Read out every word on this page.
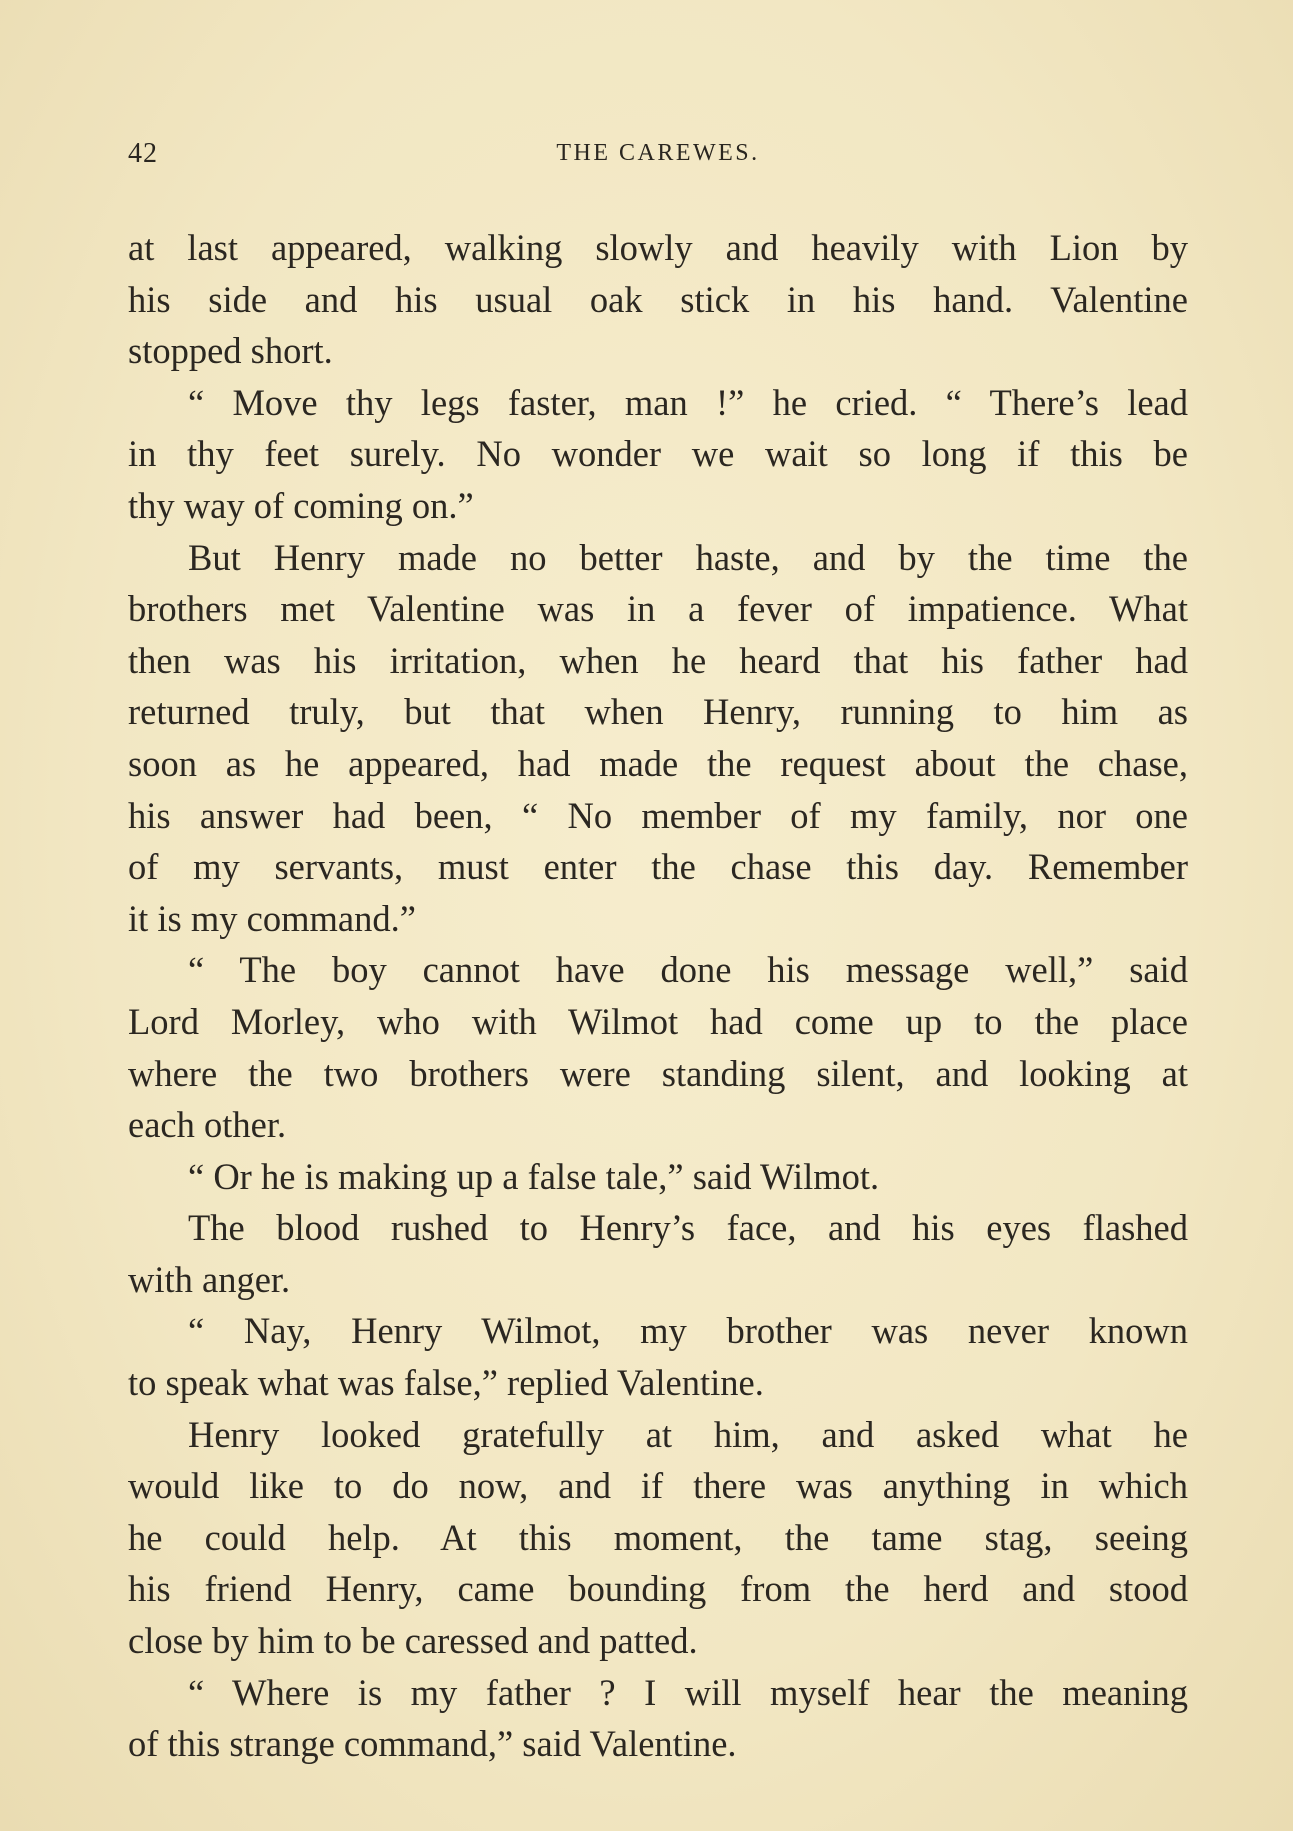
42	THE CAREWES.
at last appeared, walking slowly and heavily with Lion by
his side and his usual oak stick in his hand. Valentine
stopped short.
“ Move thy legs faster, man !” he cried. “ There’s lead
in thy feet surely. No wonder we wait so long if this be
thy way of coming on.”
But Henry made no better haste, and by the time the
brothers met Valentine was in a fever of impatience. What
then was his irritation, when he heard that his father had
returned truly, but that when Henry, running to him as
soon as he appeared, had made the request about the chase,
his answer had been, “ No member of my family, nor one
of my servants, must enter the chase this day. Remember
it is my command.”
“ The boy cannot have done his message well,” said
Lord Morley, who with Wilmot had come up to the place
where the two brothers were standing silent, and looking at
each other.
“ Or he is making up a false tale,” said Wilmot.
The blood rushed to Henry’s face, and his eyes flashed
with anger.
“ Nay, Henry Wilmot, my brother was never known
to speak what was false,” replied Valentine.
Henry looked gratefully at him, and asked what he
would like to do now, and if there was anything in which
he could help. At this moment, the tame stag, seeing
his friend Henry, came bounding from the herd and stood
close by him to be caressed and patted.
“ Where is my father ? I will myself hear the meaning
of this strange command,” said Valentine.
